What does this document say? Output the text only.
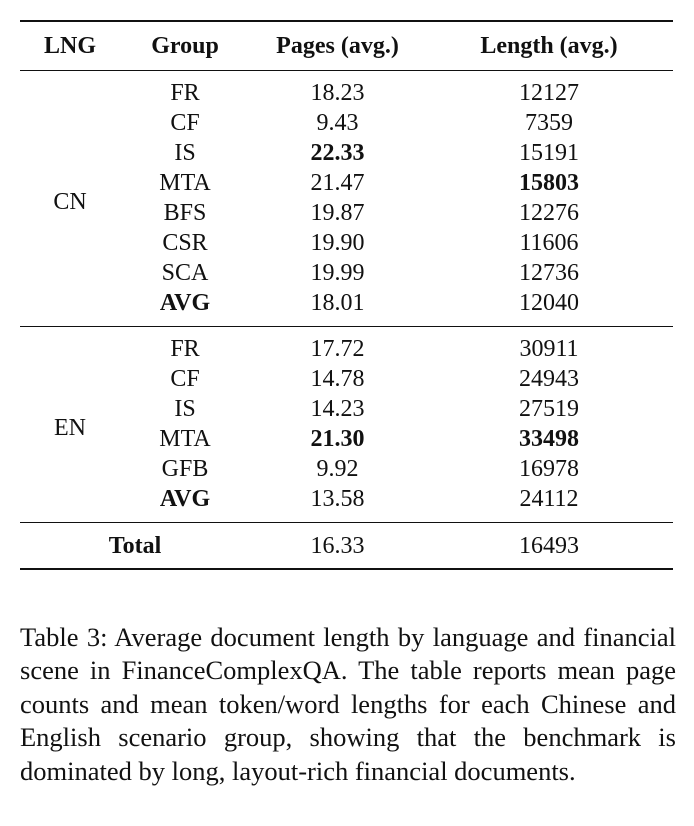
LNG	Group	Pages (avg.)	Length (avg.)
CN	FR	18.23	12127
	CF	9.43	7359
	IS	22.33	15191
	MTA	21.47	15803
	BFS	19.87	12276
	CSR	19.90	11606
	SCA	19.99	12736
	AVG	18.01	12040
EN	FR	17.72	30911
	CF	14.78	24943
	IS	14.23	27519
	MTA	21.30	33498
	GFB	9.92	16978
	AVG	13.58	24112
Total		16.33	16493

Table 3: Average document length by language and financial scene in FinanceComplexQA. The table reports mean page counts and mean token/word lengths for each Chinese and English scenario group, showing that the benchmark is dominated by long, layout-rich financial documents.
